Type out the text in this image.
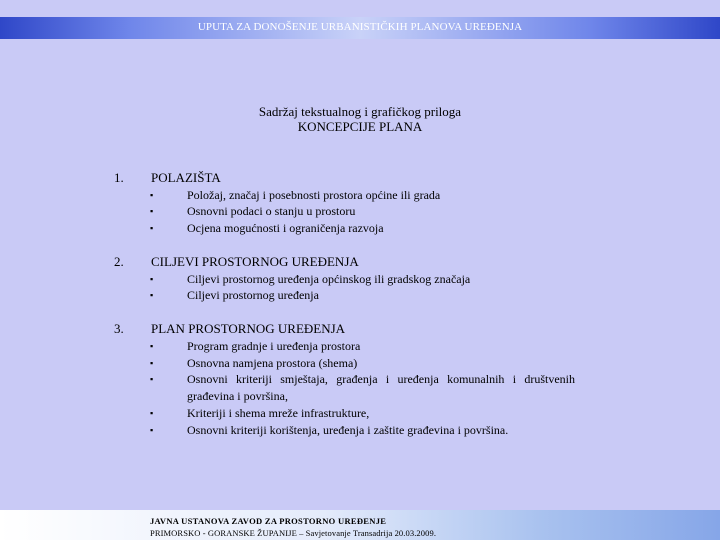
UPUTA ZA DONOŠENJE URBANISTIČKIH PLANOVA UREĐENJA
Sadržaj tekstualnog i grafičkog priloga
KONCEPCIJE PLANA
1. POLAZIŠTA
▪	Položaj, značaj i posebnosti prostora općine ili grada
▪	Osnovni podaci o stanju u prostoru
▪	Ocjena mogućnosti i ograničenja razvoja
2. CILJEVI PROSTORNOG UREĐENJA
▪	Ciljevi prostornog uređenja općinskog ili gradskog značaja
▪	Ciljevi prostornog uređenja
3. PLAN PROSTORNOG UREĐENJA
▪	Program gradnje i uređenja prostora
▪	Osnovna namjena prostora (shema)
▪	Osnovni kriteriji smještaja, građenja i uređenja komunalnih i društvenih
građevina i površina,
▪	Kriteriji i shema mreže infrastrukture,
▪	Osnovni kriteriji korištenja, uređenja i zaštite građevina i površina.
JAVNA USTANOVA ZAVOD ZA PROSTORNO UREĐENJE
PRIMORSKO - GORANSKE ŽUPANIJE – Savjetovanje Transadrija 20.03.2009.
